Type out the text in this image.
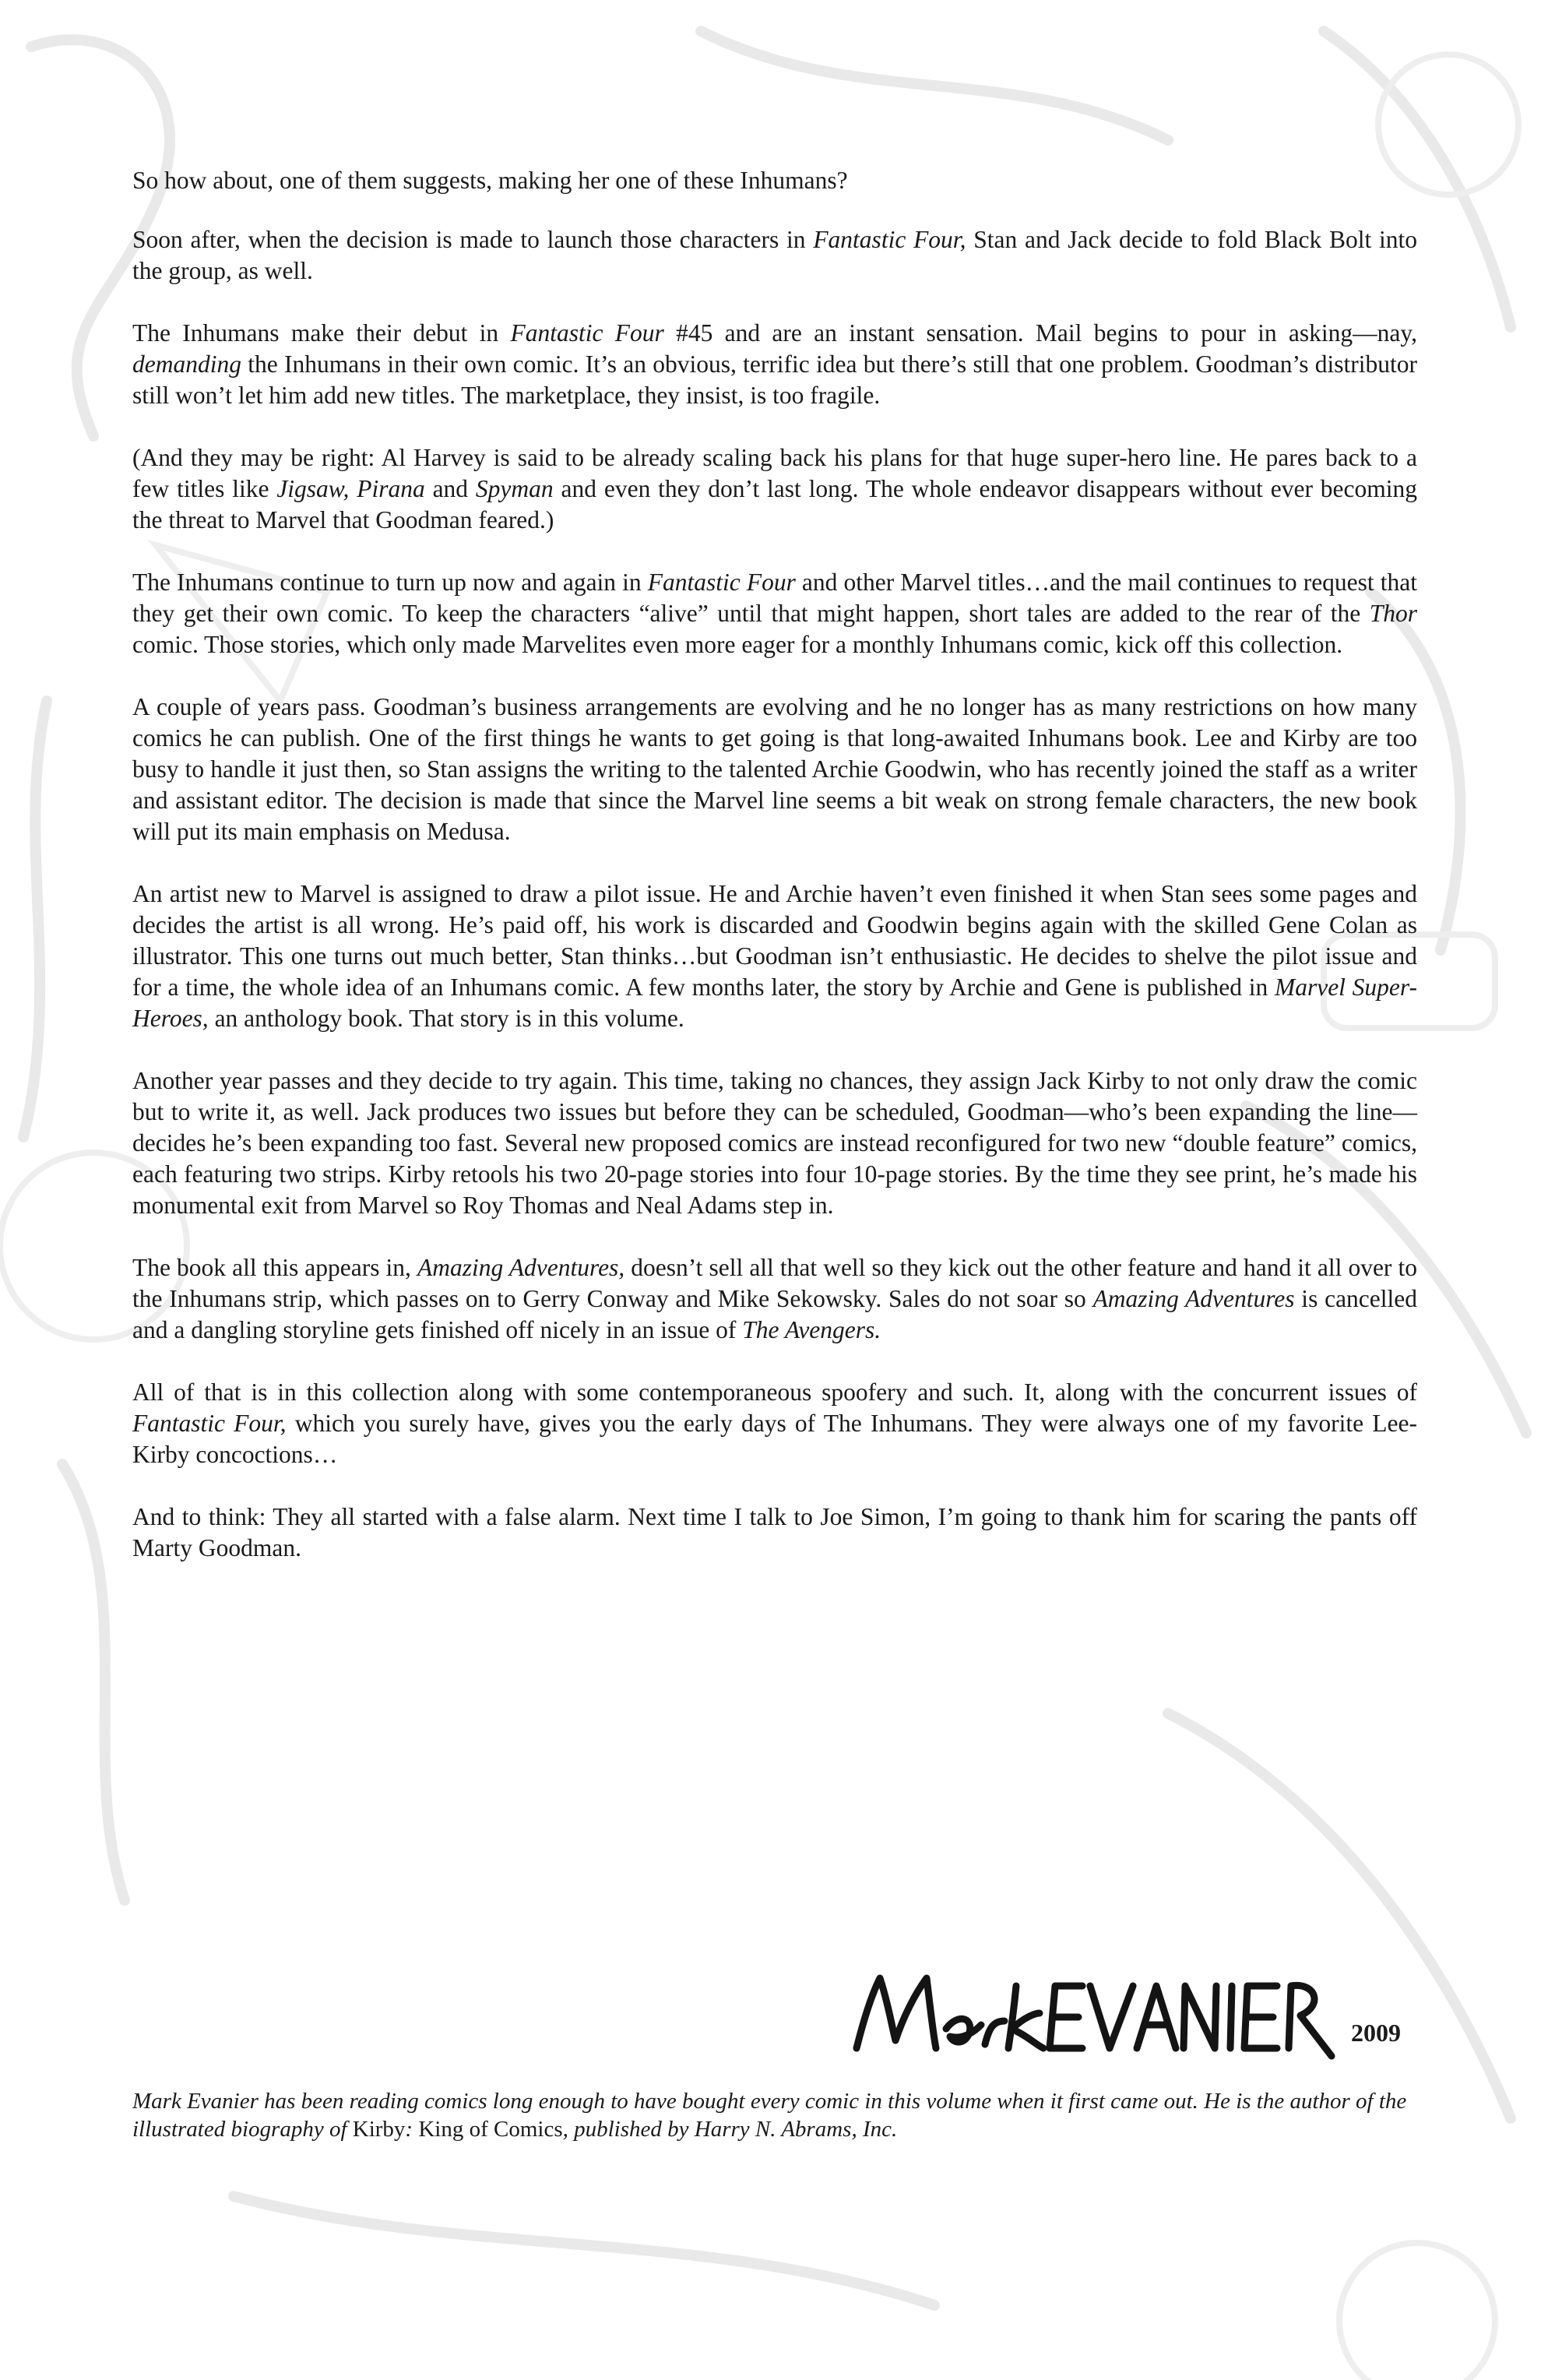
So how about, one of them suggests, making her one of these Inhumans?

Soon after, when the decision is made to launch those characters in Fantastic Four, Stan and Jack decide to fold Black Bolt into the group, as well.

The Inhumans make their debut in Fantastic Four #45 and are an instant sensation. Mail begins to pour in asking—nay, demanding the Inhumans in their own comic. It’s an obvious, terrific idea but there’s still that one problem. Goodman’s distributor still won’t let him add new titles. The marketplace, they insist, is too fragile.

(And they may be right: Al Harvey is said to be already scaling back his plans for that huge super-hero line. He pares back to a few titles like Jigsaw, Pirana and Spyman and even they don’t last long. The whole endeavor disappears without ever becoming the threat to Marvel that Goodman feared.)

The Inhumans continue to turn up now and again in Fantastic Four and other Marvel titles…and the mail continues to request that they get their own comic. To keep the characters “alive” until that might happen, short tales are added to the rear of the Thor comic. Those stories, which only made Marvelites even more eager for a monthly Inhumans comic, kick off this collection.

A couple of years pass. Goodman’s business arrangements are evolving and he no longer has as many restrictions on how many comics he can publish. One of the first things he wants to get going is that long-awaited Inhumans book. Lee and Kirby are too busy to handle it just then, so Stan assigns the writing to the talented Archie Goodwin, who has recently joined the staff as a writer and assistant editor. The decision is made that since the Marvel line seems a bit weak on strong female characters, the new book will put its main emphasis on Medusa.

An artist new to Marvel is assigned to draw a pilot issue. He and Archie haven’t even finished it when Stan sees some pages and decides the artist is all wrong. He’s paid off, his work is discarded and Goodwin begins again with the skilled Gene Colan as illustrator. This one turns out much better, Stan thinks…but Goodman isn’t enthusiastic. He decides to shelve the pilot issue and for a time, the whole idea of an Inhumans comic. A few months later, the story by Archie and Gene is published in Marvel Super-Heroes, an anthology book. That story is in this volume.

Another year passes and they decide to try again. This time, taking no chances, they assign Jack Kirby to not only draw the comic but to write it, as well. Jack produces two issues but before they can be scheduled, Goodman—who’s been expanding the line—decides he’s been expanding too fast. Several new proposed comics are instead reconfigured for two new “double feature” comics, each featuring two strips. Kirby retools his two 20-page stories into four 10-page stories. By the time they see print, he’s made his monumental exit from Marvel so Roy Thomas and Neal Adams step in.

The book all this appears in, Amazing Adventures, doesn’t sell all that well so they kick out the other feature and hand it all over to the Inhumans strip, which passes on to Gerry Conway and Mike Sekowsky. Sales do not soar so Amazing Adventures is cancelled and a dangling storyline gets finished off nicely in an issue of The Avengers.

All of that is in this collection along with some contemporaneous spoofery and such. It, along with the concurrent issues of Fantastic Four, which you surely have, gives you the early days of The Inhumans. They were always one of my favorite Lee-Kirby concoctions…

And to think: They all started with a false alarm. Next time I talk to Joe Simon, I’m going to thank him for scaring the pants off Marty Goodman.

2009
Mark Evanier has been reading comics long enough to have bought every comic in this volume when it first came out. He is the author of the illustrated biography of Kirby: King of Comics, published by Harry N. Abrams, Inc.
